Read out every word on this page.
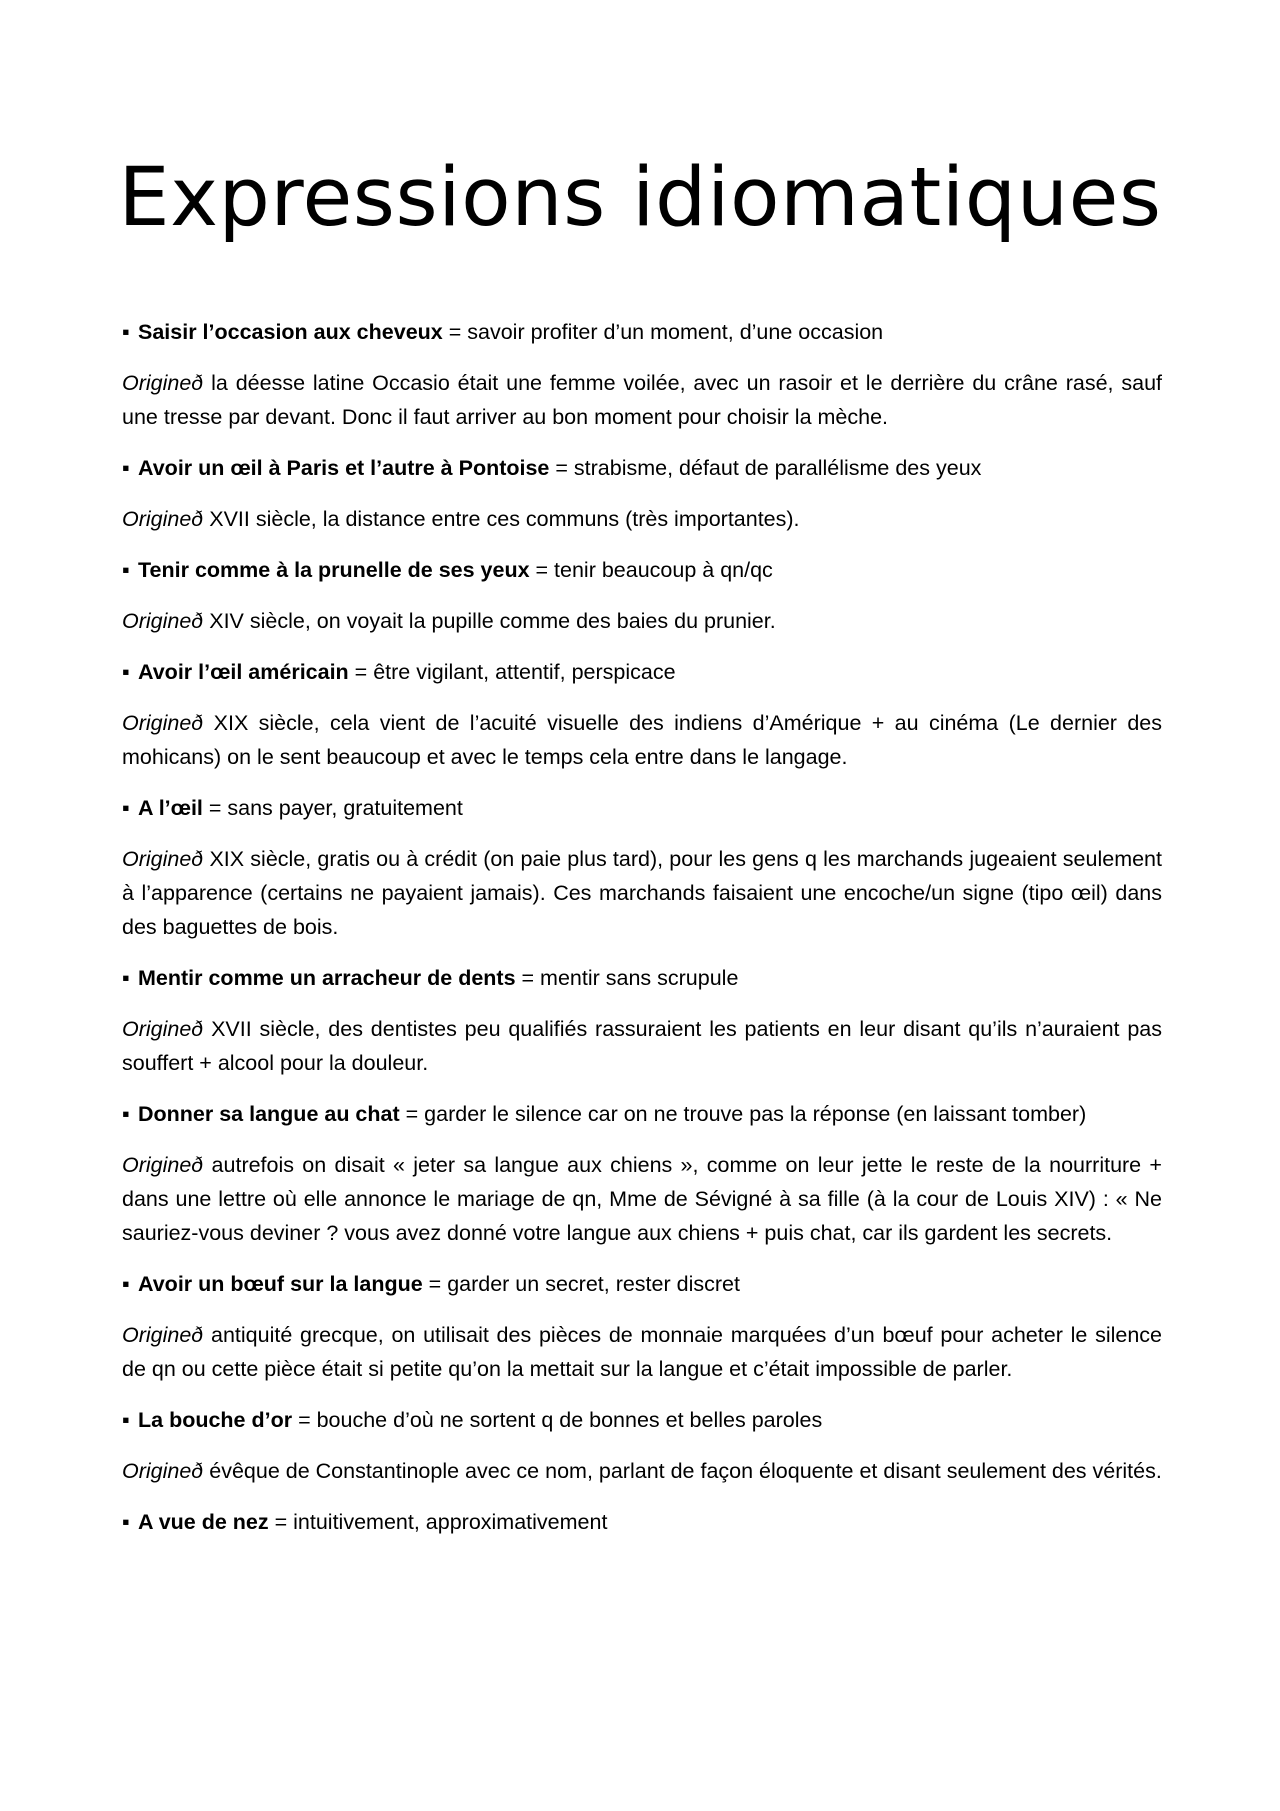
Expressions idiomatiques

▪ Saisir l’occasion aux cheveux = savoir profiter d’un moment, d’une occasion

Origineð la déesse latine Occasio était une femme voilée, avec un rasoir et le derrière du crâne rasé, sauf une tresse par devant. Donc il faut arriver au bon moment pour choisir la mèche.

▪ Avoir un œil à Paris et l’autre à Pontoise = strabisme, défaut de parallélisme des yeux

Origineð XVII siècle, la distance entre ces communs (très importantes).

▪ Tenir comme à la prunelle de ses yeux = tenir beaucoup à qn/qc

Origineð XIV siècle, on voyait la pupille comme des baies du prunier.

▪ Avoir l’œil américain = être vigilant, attentif, perspicace

Origineð XIX siècle, cela vient de l’acuité visuelle des indiens d’Amérique + au cinéma (Le dernier des mohicans) on le sent beaucoup et avec le temps cela entre dans le langage.

▪ A l’œil = sans payer, gratuitement

Origineð XIX siècle, gratis ou à crédit (on paie plus tard), pour les gens q les marchands jugeaient seulement à l’apparence (certains ne payaient jamais). Ces marchands faisaient une encoche/un signe (tipo œil) dans des baguettes de bois.

▪ Mentir comme un arracheur de dents = mentir sans scrupule

Origineð XVII siècle, des dentistes peu qualifiés rassuraient les patients en leur disant qu’ils n’auraient pas souffert + alcool pour la douleur.

▪ Donner sa langue au chat = garder le silence car on ne trouve pas la réponse (en laissant tomber)

Origineð autrefois on disait « jeter sa langue aux chiens », comme on leur jette le reste de la nourriture + dans une lettre où elle annonce le mariage de qn, Mme de Sévigné à sa fille (à la cour de Louis XIV) : « Ne sauriez-vous deviner ? vous avez donné votre langue aux chiens + puis chat, car ils gardent les secrets.

▪ Avoir un bœuf sur la langue = garder un secret, rester discret

Origineð antiquité grecque, on utilisait des pièces de monnaie marquées d’un bœuf pour acheter le silence de qn ou cette pièce était si petite qu’on la mettait sur la langue et c’était impossible de parler.

▪ La bouche d’or = bouche d’où ne sortent q de bonnes et belles paroles

Origineð évêque de Constantinople avec ce nom, parlant de façon éloquente et disant seulement des vérités.

▪ A vue de nez = intuitivement, approximativement
